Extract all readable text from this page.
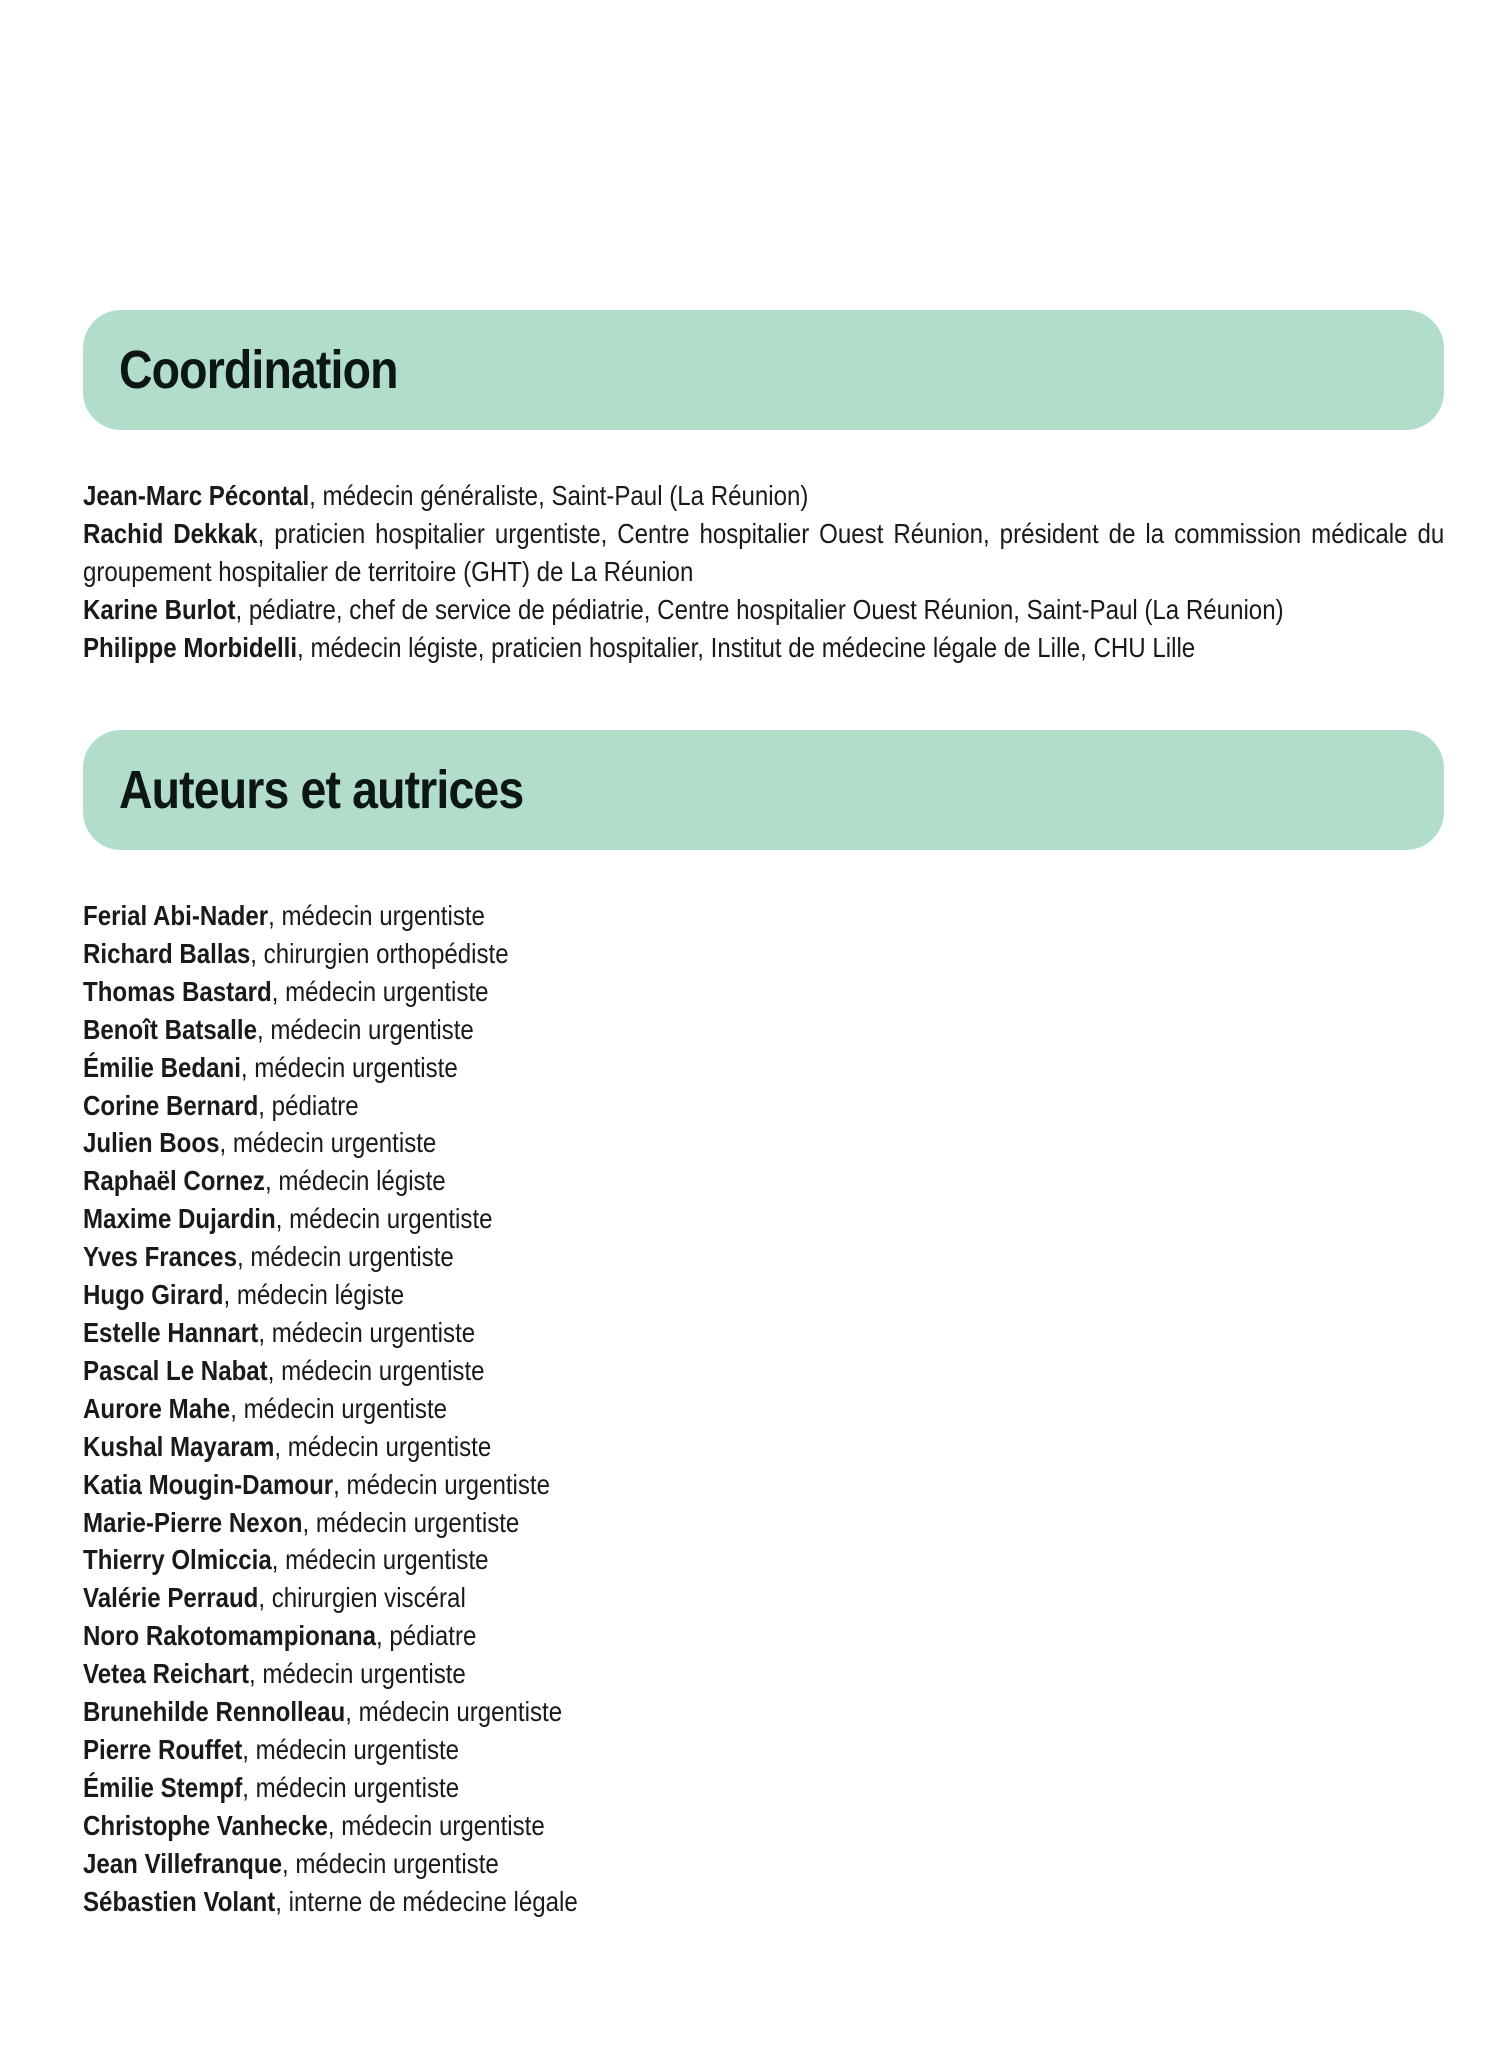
Coordination
Jean-Marc Pécontal, médecin généraliste, Saint-Paul (La Réunion)
Rachid Dekkak, praticien hospitalier urgentiste, Centre hospitalier Ouest Réunion, président de la commission médicale du groupement hospitalier de territoire (GHT) de La Réunion
Karine Burlot, pédiatre, chef de service de pédiatrie, Centre hospitalier Ouest Réunion, Saint-Paul (La Réunion)
Philippe Morbidelli, médecin légiste, praticien hospitalier, Institut de médecine légale de Lille, CHU Lille
Auteurs et autrices
Ferial Abi-Nader, médecin urgentiste
Richard Ballas, chirurgien orthopédiste
Thomas Bastard, médecin urgentiste
Benoît Batsalle, médecin urgentiste
Émilie Bedani, médecin urgentiste
Corine Bernard, pédiatre
Julien Boos, médecin urgentiste
Raphaël Cornez, médecin légiste
Maxime Dujardin, médecin urgentiste
Yves Frances, médecin urgentiste
Hugo Girard, médecin légiste
Estelle Hannart, médecin urgentiste
Pascal Le Nabat, médecin urgentiste
Aurore Mahe, médecin urgentiste
Kushal Mayaram, médecin urgentiste
Katia Mougin-Damour, médecin urgentiste
Marie-Pierre Nexon, médecin urgentiste
Thierry Olmiccia, médecin urgentiste
Valérie Perraud, chirurgien viscéral
Noro Rakotomampionana, pédiatre
Vetea Reichart, médecin urgentiste
Brunehilde Rennolleau, médecin urgentiste
Pierre Rouffet, médecin urgentiste
Émilie Stempf, médecin urgentiste
Christophe Vanhecke, médecin urgentiste
Jean Villefranque, médecin urgentiste
Sébastien Volant, interne de médecine légale
